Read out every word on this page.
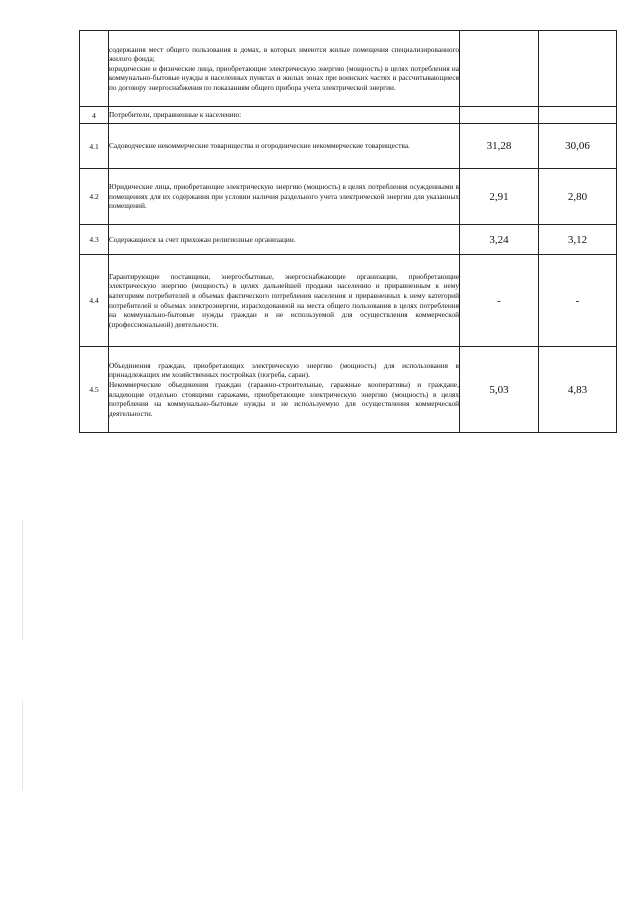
	содержания мест общего пользования в домах, в которых имеются жилые помещения специализированного жилого фонда;
юридические и физические лица, приобретающие электрическую энергию (мощность) в целях потребления на коммунально-бытовые нужды в населенных пунктах и жилых зонах при воинских частях и рассчитывающиеся по договору энергоснабжения по показаниям общего прибора учета электрической энергии.		

4	Потребители, приравненные к населению:		

4.1	Садоводческие некоммерческие товарищества и огороднические некоммерческие товарищества.	31,28	30,06
4.2	Юридические лица, приобретающие электрическую энергию (мощность) в целях потребления осужденными в помещениях для их содержания при условии наличия раздельного учета электрической энергии для указанных помещений.	2,91	2,80
4.3	Содержащиеся за счет прихожан религиозные организации.	3,24	3,12
4.4	Гарантирующие поставщики, энергосбытовые, энергоснабжающие организации, приобретающие электрическую энергию (мощность) в целях дальнейшей продажи населению и приравненным к нему категориям потребителей в объемах фактического потребления населения и приравненных к нему категорий потребителей и объемах электроэнергии, израсходованной на места общего пользования в целях потребления на коммунально-бытовые нужды граждан и не используемой для осуществления коммерческой (профессиональной) деятельности.	-	-
4.5	Объединения граждан, приобретающих электрическую энергию (мощность) для использования в принадлежащих им хозяйственных постройках (погреба, сараи).
Некоммерческие объединения граждан (гаражно-строительные, гаражные кооперативы) и граждане, владеющие отдельно стоящими гаражами, приобретающие электрическую энергию (мощность) в целях потребления на коммунально-бытовые нужды и не используемую для осуществления коммерческой деятельности.	5,03	4,83
